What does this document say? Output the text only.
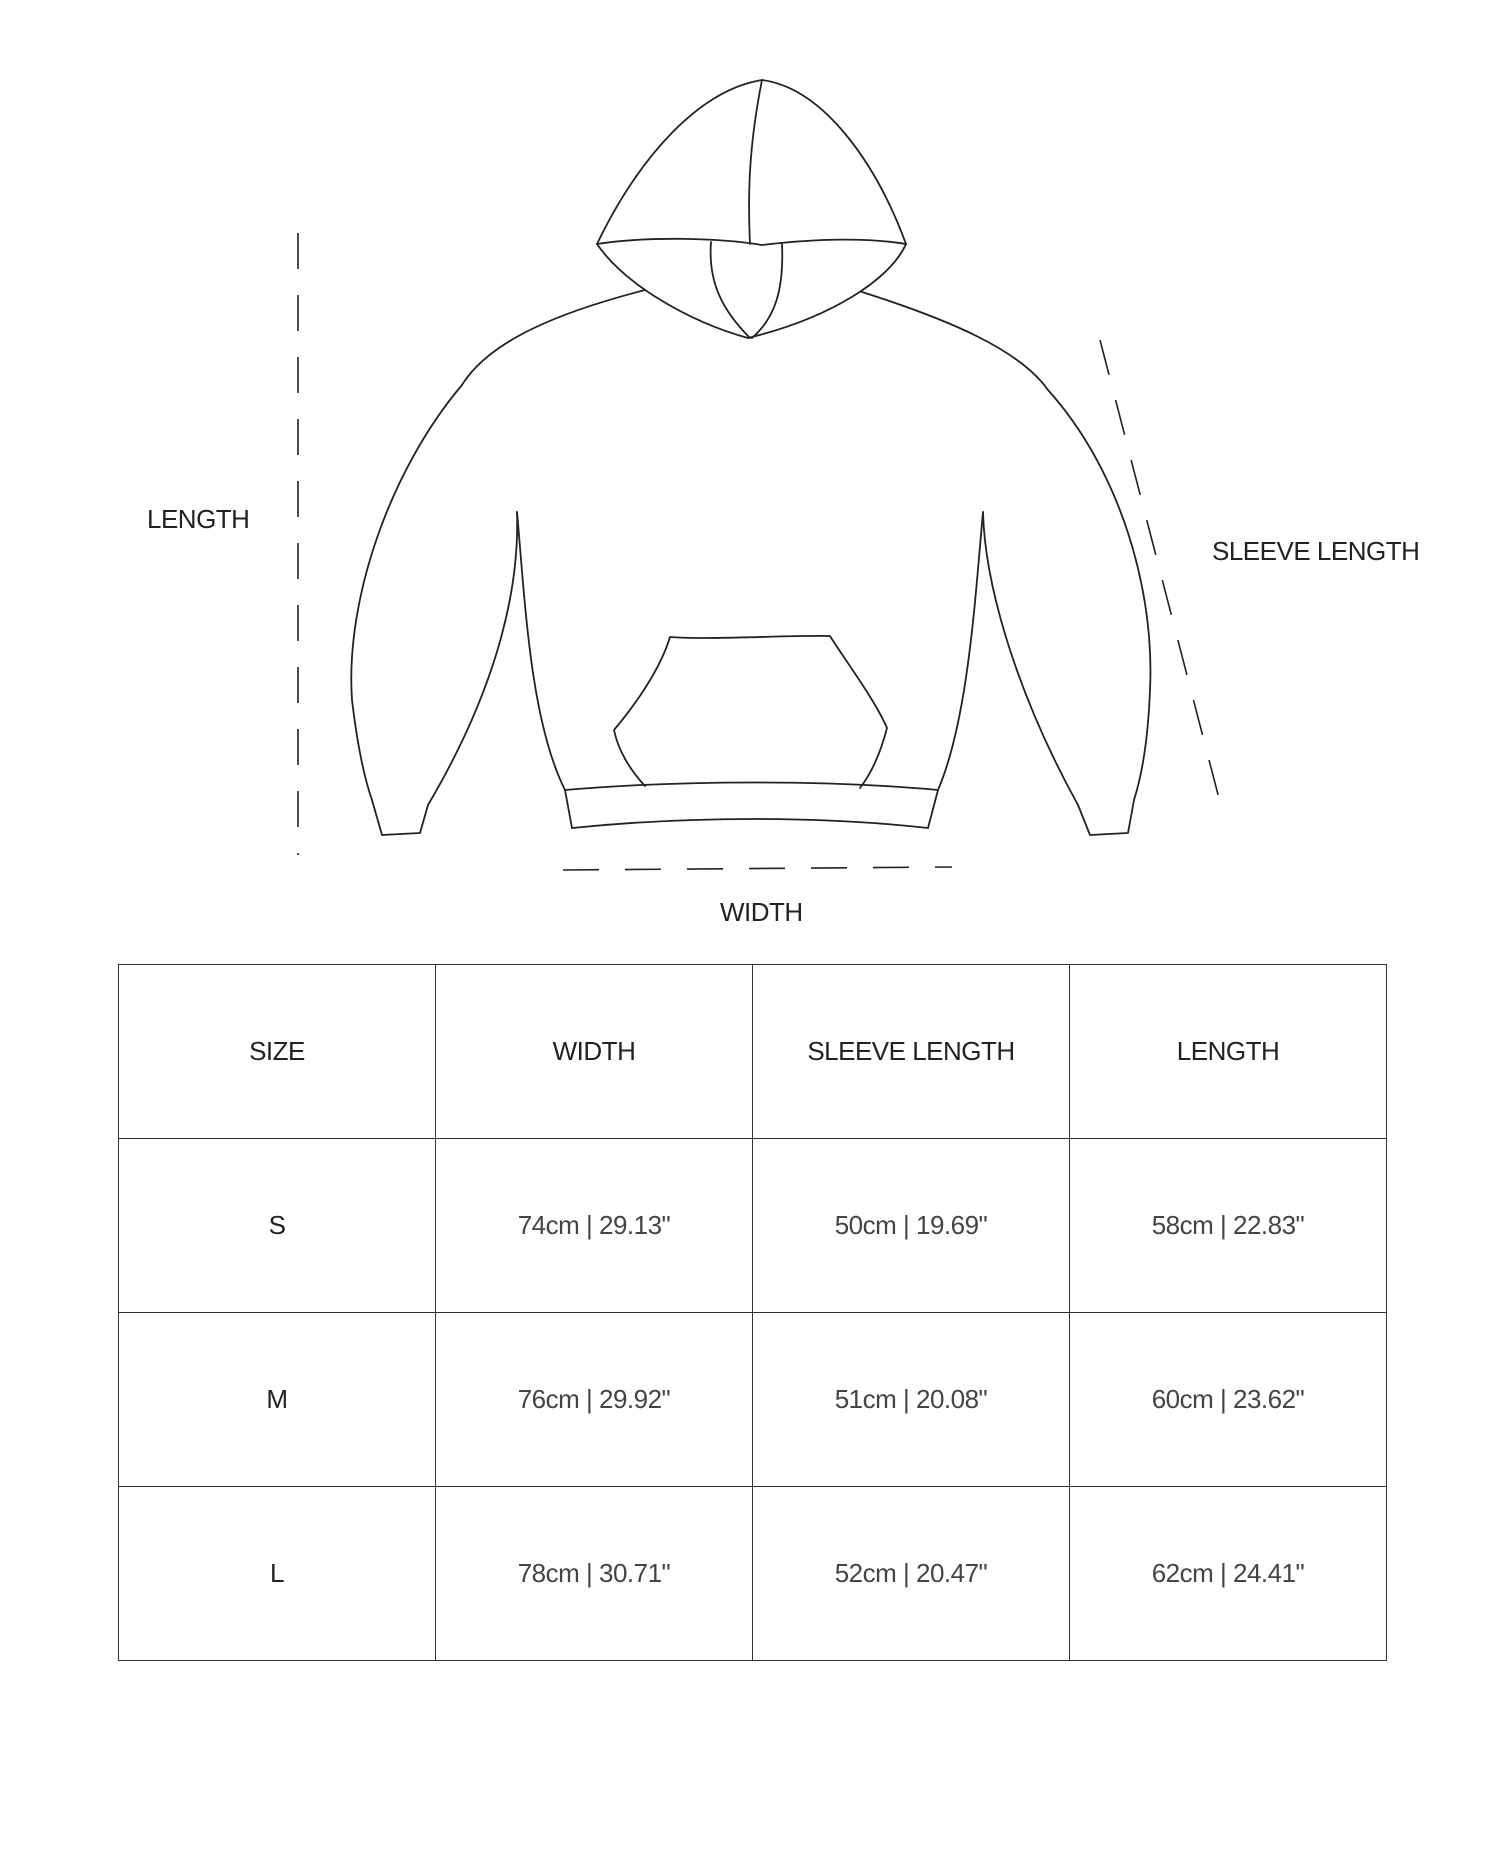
LENGTH
SLEEVE LENGTH
WIDTH
SIZE	WIDTH	SLEEVE LENGTH	LENGTH
S	74cm | 29.13"	50cm | 19.69"	58cm | 22.83"
M	76cm | 29.92"	51cm | 20.08"	60cm | 23.62"
L	78cm | 30.71"	52cm | 20.47"	62cm | 24.41"
